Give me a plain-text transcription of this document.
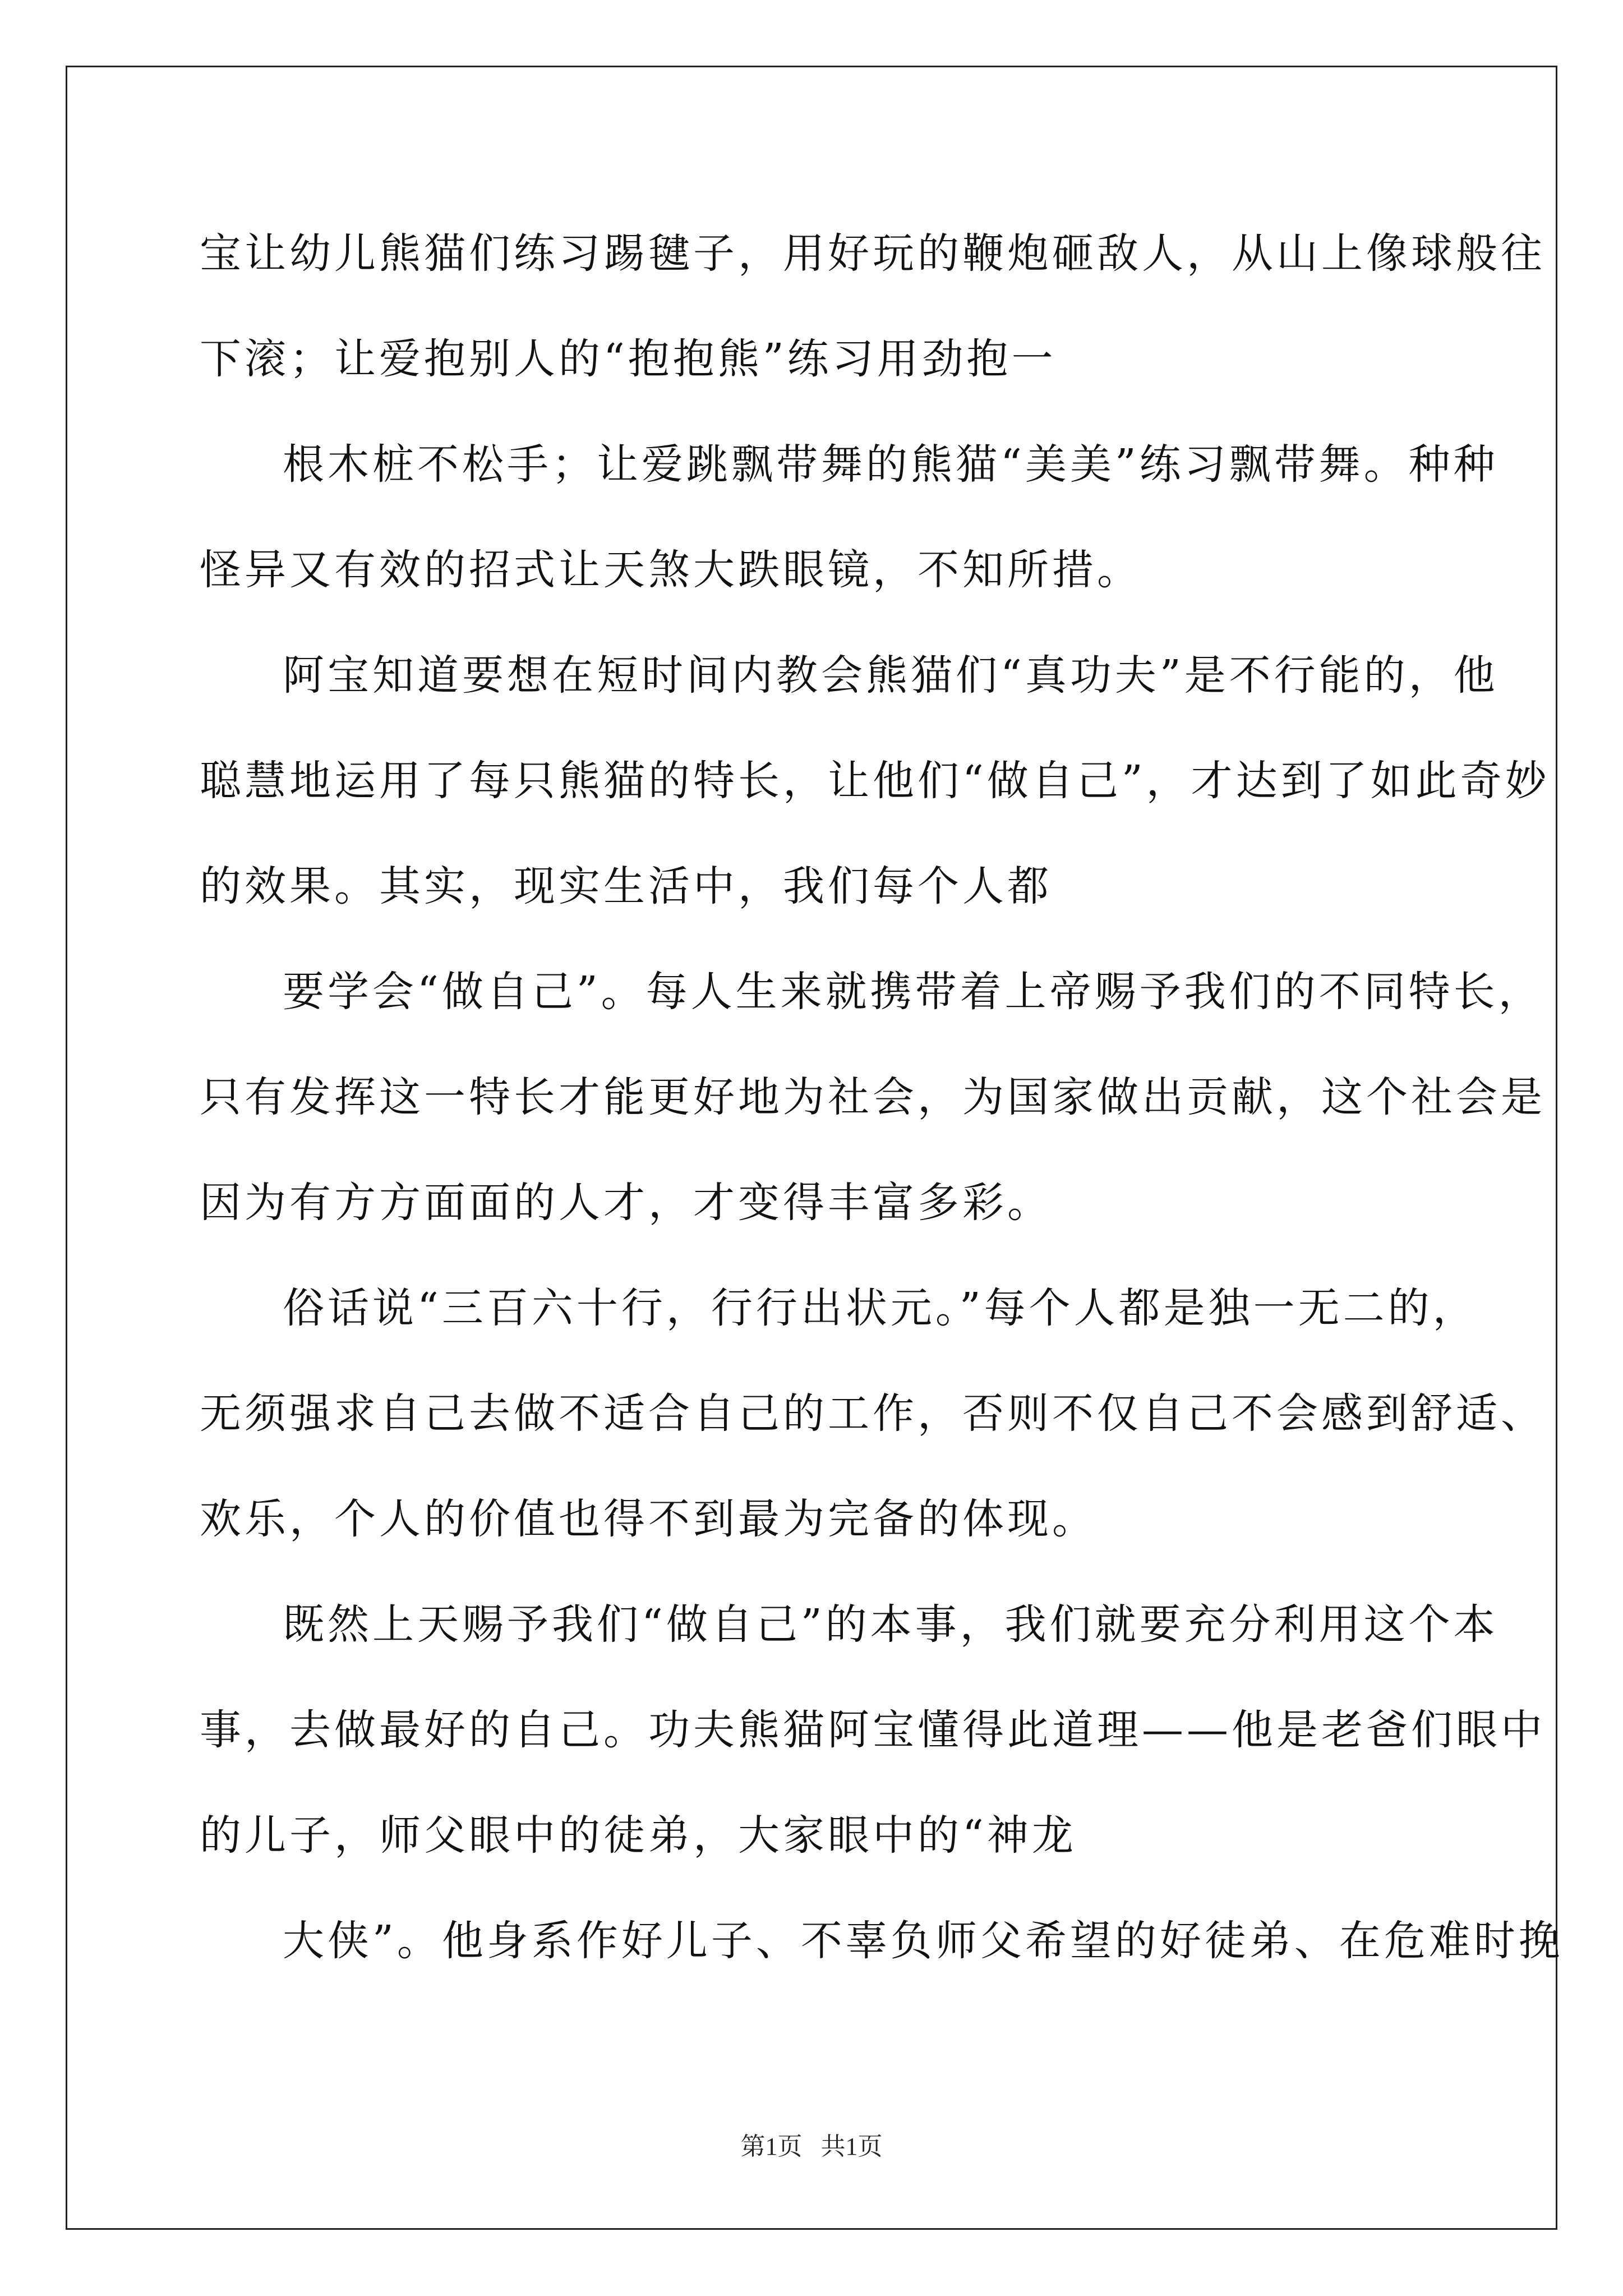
宝让幼儿熊猫们练习踢毽子，用好玩的鞭炮砸敌人，从山上像球般往
下滚；让爱抱别人的“抱抱熊”练习用劲抱一
根木桩不松手；让爱跳飘带舞的熊猫“美美”练习飘带舞。种种
怪异又有效的招式让天煞大跌眼镜，不知所措。
阿宝知道要想在短时间内教会熊猫们“真功夫”是不行能的，他
聪慧地运用了每只熊猫的特长，让他们“做自己”，才达到了如此奇妙
的效果。其实，现实生活中，我们每个人都
要学会“做自己”。每人生来就携带着上帝赐予我们的不同特长，
只有发挥这一特长才能更好地为社会，为国家做出贡献，这个社会是
因为有方方面面的人才，才变得丰富多彩。
俗话说“三百六十行，行行出状元。”每个人都是独一无二的，
无须强求自己去做不适合自己的工作，否则不仅自己不会感到舒适、
欢乐，个人的价值也得不到最为完备的体现。
既然上天赐予我们“做自己”的本事，我们就要充分利用这个本
事，去做最好的自己。功夫熊猫阿宝懂得此道理——他是老爸们眼中
的儿子，师父眼中的徒弟，大家眼中的“神龙
大侠”。他身系作好儿子、不辜负师父希望的好徒弟、在危难时挽
第1页   共1页
